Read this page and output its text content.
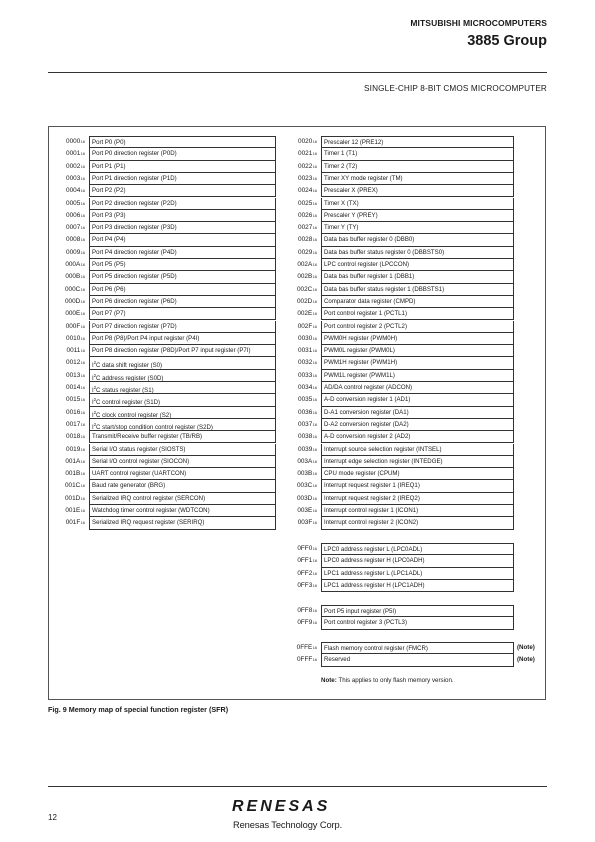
MITSUBISHI MICROCOMPUTERS
3885 Group
SINGLE-CHIP 8-BIT CMOS MICROCOMPUTER
000016	Port P0 (P0)
000116	Port P0 direction register (P0D)
000216	Port P1 (P1)
000316	Port P1 direction register (P1D)
000416	Port P2 (P2)
000516	Port P2 direction register (P2D)
000616	Port P3 (P3)
000716	Port P3 direction register (P3D)
000816	Port P4 (P4)
000916	Port P4 direction register (P4D)
000A16	Port P5 (P5)
000B16	Port P5 direction register (P5D)
000C16	Port P6 (P6)
000D16	Port P6 direction register (P6D)
000E16	Port P7 (P7)
000F16	Port P7 direction register (P7D)
001016	Port P8 (P8)/Port P4 input register (P4I)
001116	Port P8 direction register (P8D)/Port P7 input register (P7I)
001216	$I^2C$ data shift register (S0)
001316	$I^2C$ address register (S0D)
001416	$I^2C$ status register (S1)
001516	$I^2C$ control register (S1D)
001616	$I^2C$ clock control register (S2)
001716	$I^2C$ start/stop condition control register (S2D)
001816	Transmit/Receive buffer register (TB/RB)
001916	Serial I/O status register (SIOSTS)
001A16	Serial I/O control register (SIOCON)
001B16	UART control register (UARTCON)
001C16	Baud rate generator (BRG)
001D16	Serialized IRQ control register (SERCON)
001E16	Watchdog timer control register (WDTCON)
001F16	Serialized IRQ request register (SERIRQ)
002016	Prescaler 12 (PRE12)
002116	Timer 1 (T1)
002216	Timer 2 (T2)
002316	Timer XY mode register (TM)
002416	Prescaler X (PREX)
002516	Timer X (TX)
002616	Prescaler Y (PREY)
002716	Timer Y (TY)
002816	Data bas buffer register 0 (DBB0)
002916	Data bas buffer status register 0 (DBBSTS0)
002A16	LPC control register (LPCCON)
002B16	Data bas buffer register 1 (DBB1)
002C16	Data bas buffer status register 1 (DBBSTS1)
002D16	Comparator data register (CMPD)
002E16	Port control register 1 (PCTL1)
002F16	Port control register 2 (PCTL2)
003016	PWM0H register (PWM0H)
003116	PWM0L register (PWM0L)
003216	PWM1H register (PWM1H)
003316	PWM1L register (PWM1L)
003416	AD/DA control register (ADCON)
003516	A-D conversion register 1 (AD1)
003616	D-A1 conversion register (DA1)
003716	D-A2 conversion register (DA2)
003816	A-D conversion register 2 (AD2)
003916	Interrupt source selection register (INTSEL)
003A16	Interrupt edge selection register (INTEDGE)
003B16	CPU mode register (CPUM)
003C16	Interrupt request register 1 (IREQ1)
003D16	Interrupt request register 2 (IREQ2)
003E16	Interrupt control register 1 (ICON1)
003F16	Interrupt control register 2 (ICON2)
0FF016	LPC0 address register L (LPC0ADL)
0FF116	LPC0 address register H (LPC0ADH)
0FF216	LPC1 address register L (LPC1ADL)
0FF316	LPC1 address register H (LPC1ADH)
0FF816	Port P5 input register (P5I)
0FF916	Port control register 3 (PCTL3)
0FFE16	Flash memory control register (FMCR)	(Note)
0FFF16	Reserved	(Note)
Note: This applies to only flash memory version.
Fig. 9 Memory map of special function register (SFR)
12
RENESAS
Renesas Technology Corp.
